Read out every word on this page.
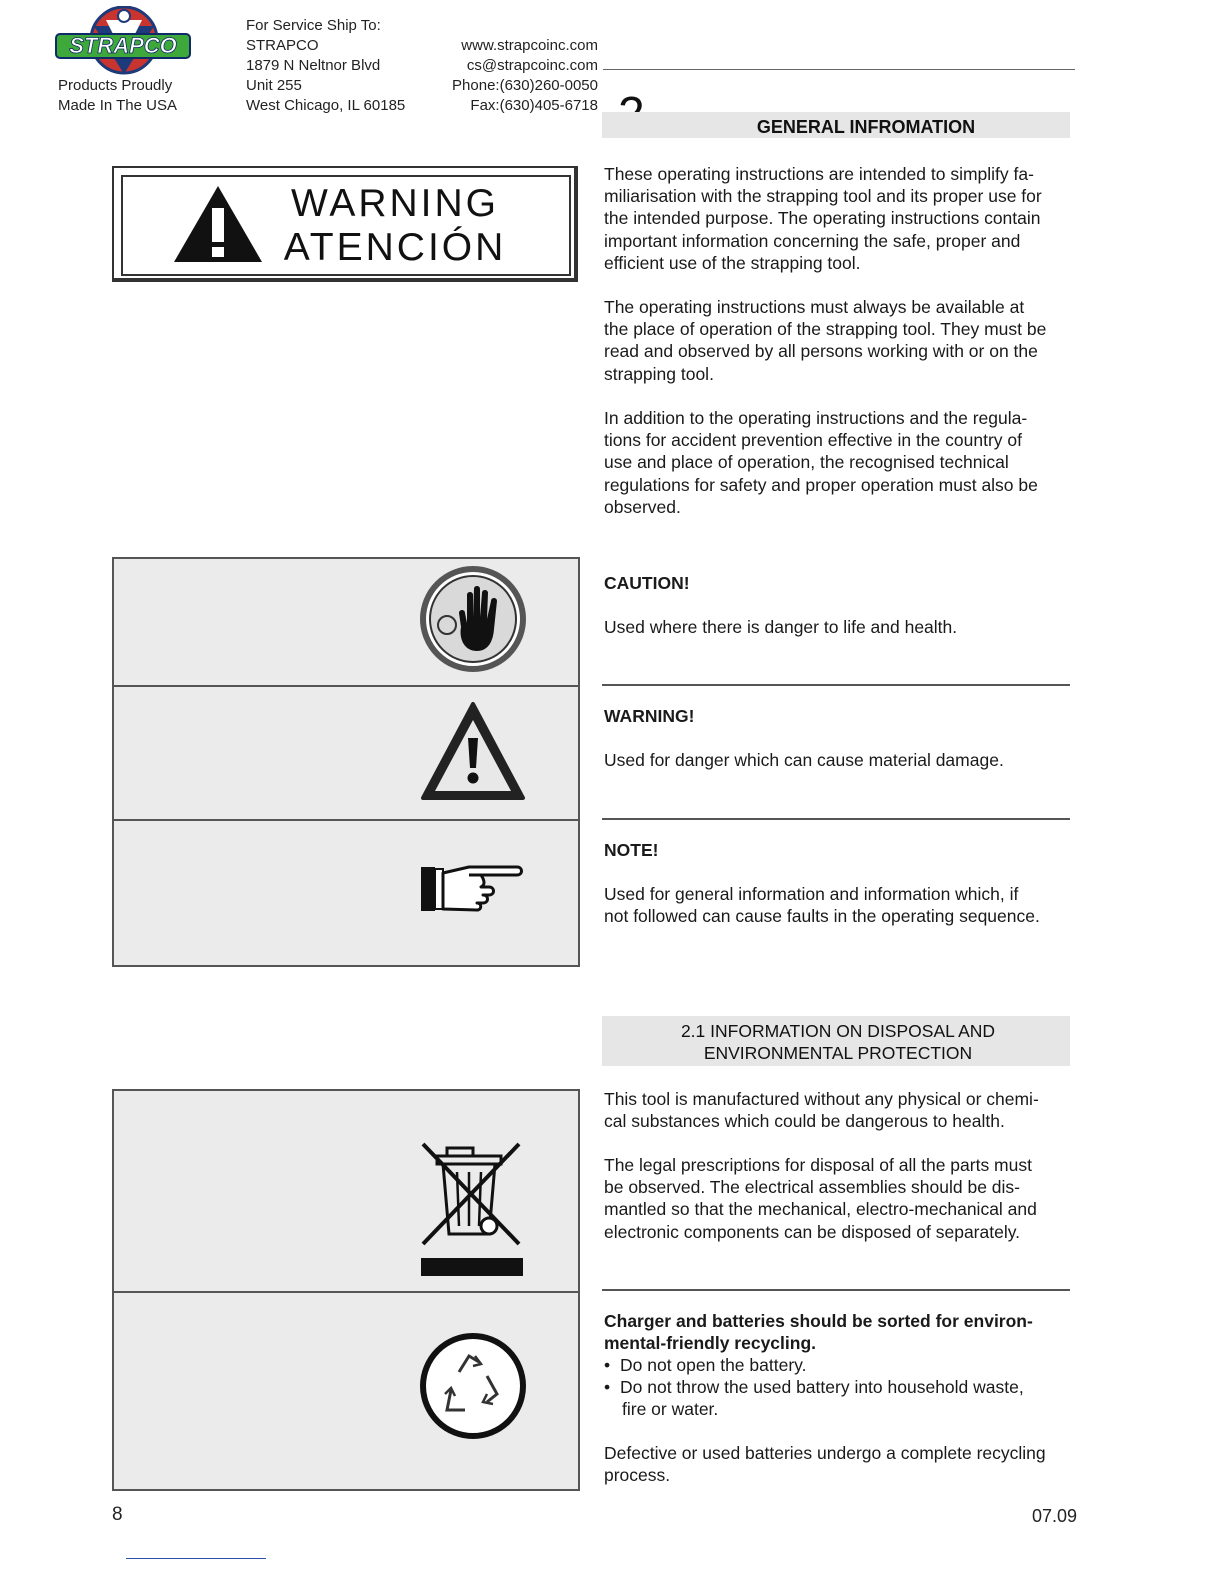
STRAPCO
Products Proudly
Made In The USA
For Service Ship To:
STRAPCO
1879 N Neltnor Blvd
Unit 255
West Chicago, IL 60185
www.strapcoinc.com
cs@strapcoinc.com
Phone:(630)260-0050
Fax:(630)405-6718
GENERAL INFROMATION
WARNING
ATENCIÓN

These operating instructions are intended to simplify fa-

miliarisation with the strapping tool and its proper use for

the intended purpose. The operating instructions contain

important information concerning the safe, proper and

efficient use of the strapping tool.

The operating instructions must always be available at

the place of operation of the strapping tool. They must be

read and observed by all persons working with or on the

strapping tool.

In addition to the operating instructions and the regula-

tions for accident prevention effective in the country of

use and place of operation, the recognised technical

regulations for safety and proper operation must also be

observed.

CAUTION!
Used where there is danger to life and health.
WARNING!
Used for danger which can cause material damage.
NOTE!

Used for general information and information which, if

not followed can cause faults in the operating sequence.

2.1 INFORMATION ON DISPOSAL AND
ENVIRONMENTAL PROTECTION

This tool is manufactured without any physical or chemi-

cal substances which could be dangerous to health.

The legal prescriptions for disposal of all the parts must

be observed. The electrical assemblies should be dis-

mantled so that the mechanical, electro-mechanical and

electronic components can be disposed of separately.

Charger and batteries should be sorted for environ-

mental-friendly recycling.

• Do not open the battery.
• Do not throw the used battery into household waste,
fire or water.

Defective or used batteries undergo a complete recycling

process.

8	07.09
